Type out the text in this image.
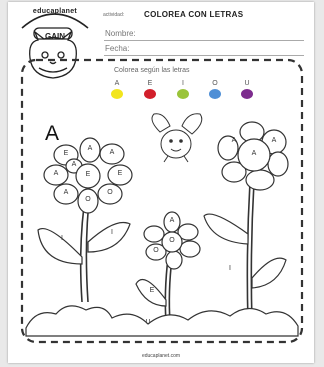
educaplanet
GAIN
actividad: COLOREA CON LETRAS
Nombre:
Fecha:
Colorea según las letras
A	E	I	O	U
A
A
A
E
O
O
A
A
E
A
E
I
I
A
O
O
E
A	A
A
I
U
educaplanet.com
